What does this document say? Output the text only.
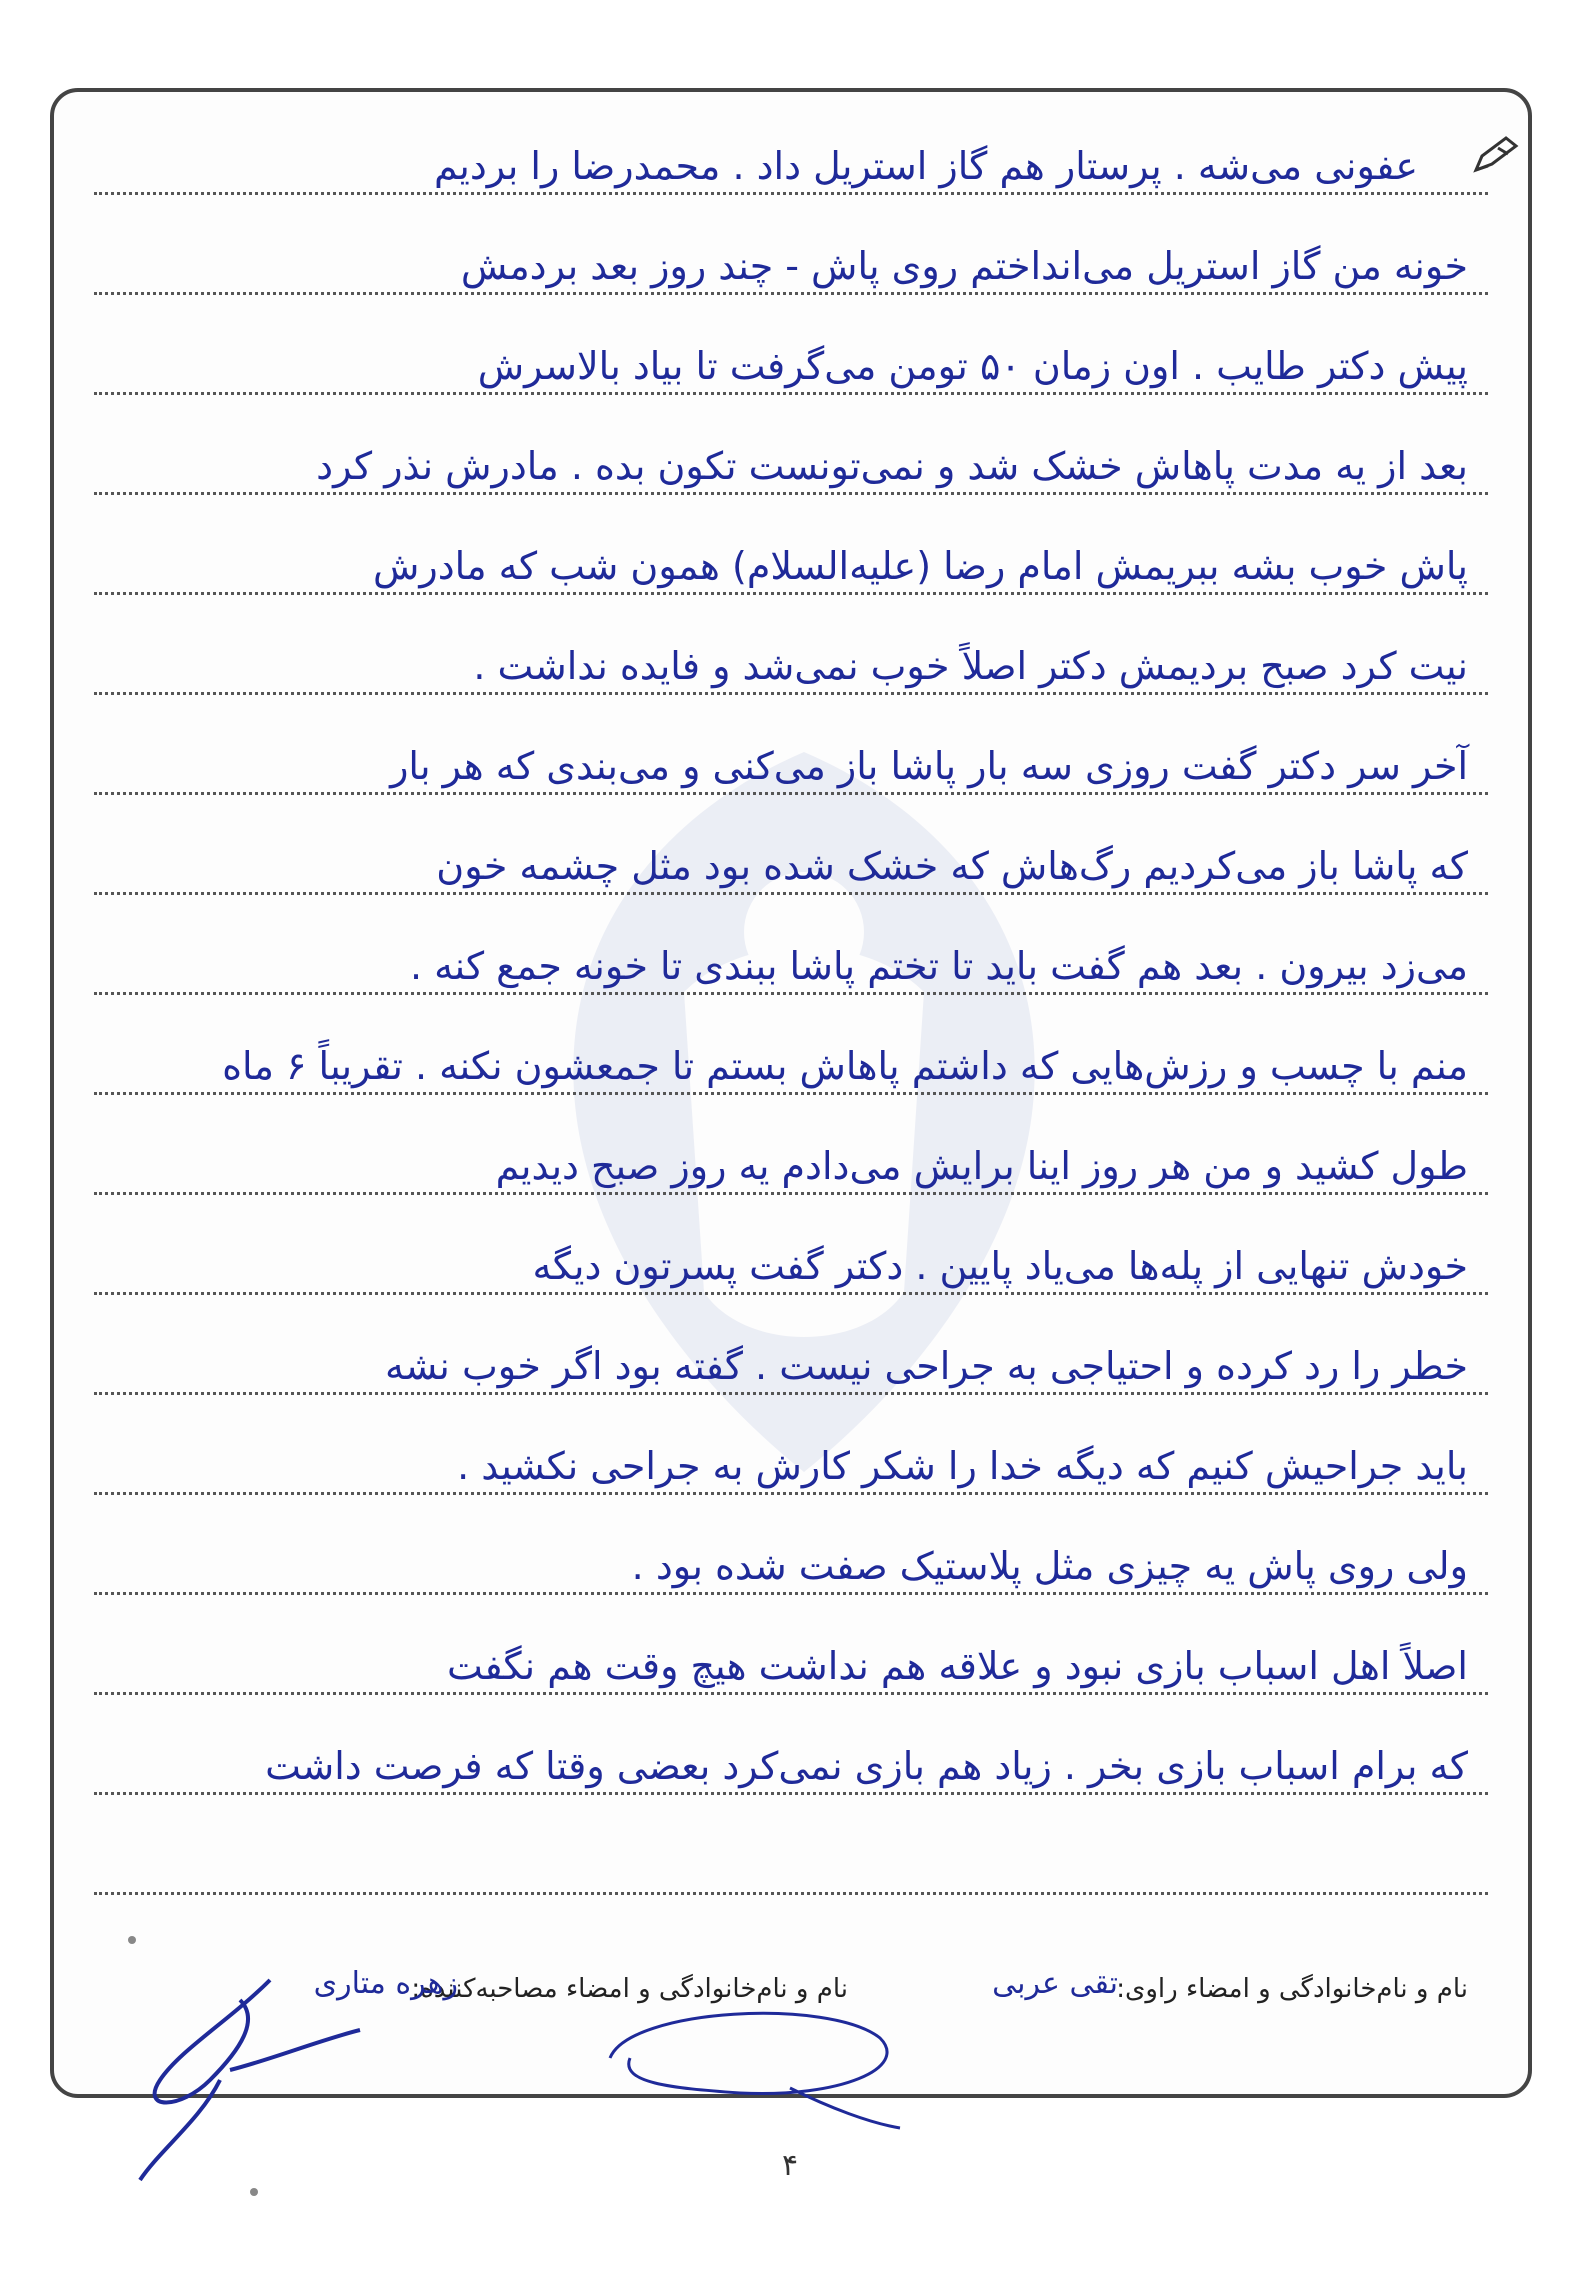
عفونی می‌شه . پرستار هم گاز استریل داد . محمدرضا را بردیم
خونه من گاز استریل می‌انداختم روی پاش - چند روز بعد بردمش
پیش دکتر طایب . اون زمان ۵۰ تومن می‌گرفت تا بیاد بالاسرش
بعد از یه مدت پاهاش خشک شد و نمی‌تونست تکون بده . مادرش نذر کرد
پاش خوب بشه ببریمش امام رضا (علیه‌السلام) همون شب که مادرش
نیت کرد صبح بردیمش دکتر اصلاً خوب نمی‌شد و فایده نداشت .
آخر سر دکتر گفت روزی سه بار پاشا باز می‌کنی و می‌بندی که هر بار
که پاشا باز می‌کردیم رگ‌هاش که خشک شده بود مثل چشمه خون
می‌زد بیرون . بعد هم گفت باید تا تختم پاشا ببندی تا خونه جمع کنه .
منم با چسب و رزش‌هایی که داشتم پاهاش بستم تا جمعشون نکنه . تقریباً ۶ ماه
طول کشید و من هر روز اینا برایش می‌دادم یه روز صبح دیدیم
خودش تنهایی از پله‌ها می‌یاد پایین . دکتر گفت پسرتون دیگه
خطر را رد کرده و احتیاجی به جراحی نیست . گفته بود اگر خوب نشه
باید جراحیش کنیم که دیگه خدا را شکر کارش به جراحی نکشید .
ولی روی پاش یه چیزی مثل پلاستیک صفت شده بود .
اصلاً اهل اسباب بازی نبود و علاقه هم نداشت هیچ وقت هم نگفت
که برام اسباب بازی بخر . زیاد هم بازی نمی‌کرد بعضی وقتا که فرصت داشت
نام و نام‌خانوادگی و امضاء راوی:
تقی عربی
نام و نام‌خانوادگی و امضاء مصاحبه‌کننده:
زهره متاری
۴
